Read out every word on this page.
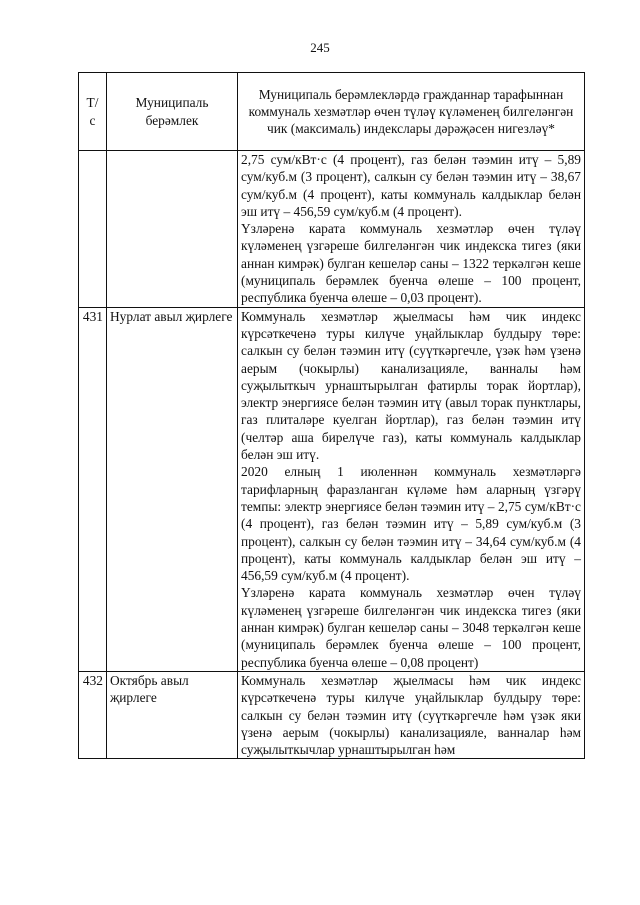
245
Т/с	Муниципаль берәмлек	Муниципаль берәмлекләрдә гражданнар тарафыннан коммуналь хезмәтләр өчен түләү күләменең билгеләнгән чик (максималь) индекслары дәрәҗәсен нигезләү*

		2,75 сум/кВт·с (4 процент), газ белән тәэмин итү – 5,89 сум/куб.м (3 процент), салкын су белән тәэмин итү – 38,67 сум/куб.м (4 процент), каты коммуналь калдыклар белән эш итү – 456,59 сум/куб.м (4 процент).
Үзләренә карата коммуналь хезмәтләр өчен түләү күләменең үзгәреше билгеләнгән чик индекска тигез (яки аннан кимрәк) булган кешеләр саны – 1322 теркәлгән кеше (муниципаль берәмлек буенча өлеше – 100 процент, республика буенча өлеше – 0,03 процент).

431	Нурлат авыл җирлеге	Коммуналь хезмәтләр җыелмасы һәм чик индекс күрсәткеченә туры килүче уңайлыклар булдыру төре: салкын су белән тәэмин итү (суүткәргечле, үзәк һәм үзенә аерым (чокырлы) канализацияле, ванналы һәм суҗылыткыч урнаштырылган фатирлы торак йортлар), электр энергиясе белән тәэмин итү (авыл торак пунктлары, газ плиталәре куелган йортлар), газ белән тәэмин итү (челтәр аша бирелүче газ), каты коммуналь калдыклар белән эш итү.
2020 елның 1 июленнән коммуналь хезмәтләргә тарифларның фаразланган күләме һәм аларның үзгәрү темпы: электр энергиясе белән тәэмин итү – 2,75 сум/кВт·с (4 процент), газ белән тәэмин итү – 5,89 сум/куб.м (3 процент), салкын су белән тәэмин итү – 34,64 сум/куб.м (4 процент), каты коммуналь калдыклар белән эш итү – 456,59 сум/куб.м (4 процент).
Үзләренә карата коммуналь хезмәтләр өчен түләү күләменең үзгәреше билгеләнгән чик индекска тигез (яки аннан кимрәк) булган кешеләр саны – 3048 теркәлгән кеше (муниципаль берәмлек буенча өлеше – 100 процент, республика буенча өлеше – 0,08 процент)

432	Октябрь авыл җирлеге	Коммуналь хезмәтләр җыелмасы һәм чик индекс күрсәткеченә туры килүче уңайлыклар булдыру төре: салкын су белән тәэмин итү (суүткәргечле һәм үзәк яки үзенә аерым (чокырлы) канализацияле, ванналар һәм суҗылыткычлар урнаштырылган һәм
